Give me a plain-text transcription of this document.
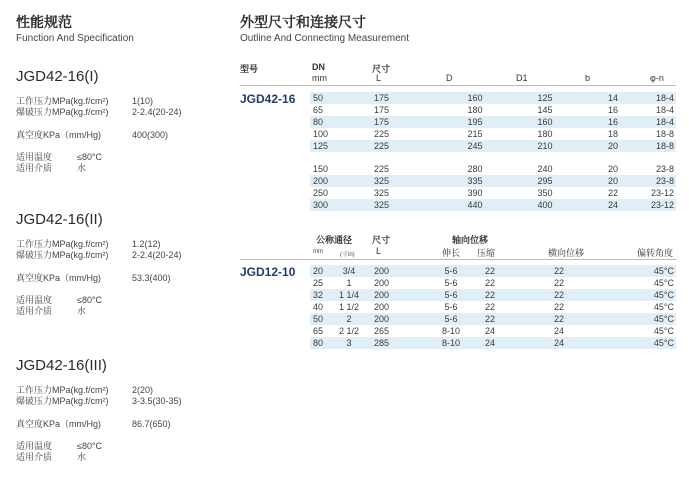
性能规范
Function And Specification
JGD42-16(I)
工作压力MPa(kg.f/cm²)	1(10)
爆破压力MPa(kg.f/cm²)	2-2.4(20-24)
真空度KPa（mm/Hg)	400(300)
适用温度	≤80°C
适用介质	水
JGD42-16(II)
工作压力MPa(kg.f/cm²)	1.2(12)
爆破压力MPa(kg.f/cm²)	2-2.4(20-24)
真空度KPa（mm/Hg)	53.3(400)
适用温度	≤80°C
适用介质	水
JGD42-16(III)
工作压力MPa(kg.f/cm²)	2(20)
爆破压力MPa(kg.f/cm²)	3-3.5(30-35)
真空度KPa（mm/Hg)	86.7(650)
适用温度	≤80°C
适用介质	水
外型尺寸和连接尺寸
Outline And Connecting Measurement
型号	DN
mm
尺寸
L	D	D1	b	φ-n
JGD42-16 50	175	160	125	14	18-4
65	175	180	145	16	18-4
80	175	195	160	16	18-4
100	225	215	180	18	18-8
125	225	245	210	20	18-8

150	225	280	240	20	23-8
200	325	335	295	20	23-8
250	325	390	350	22	23-12
300	325	440	400	24	23-12
公称通径
mm	(寸in)
尺寸
L
轴向位移
伸长 压缩	横向位移	偏转角度
JGD12-10 20	3/4	200	5-6	22	22	45°C
25	1	200	5-6	22	22	45°C
32	1 1/4	200	5-6	22	22	45°C
40	1 1/2	200	5-6	22	22	45°C
50	2	200	5-6	22	22	45°C
65	2 1/2	265	8-10	24	24	45°C
80	3	285	8-10	24	24	45°C
